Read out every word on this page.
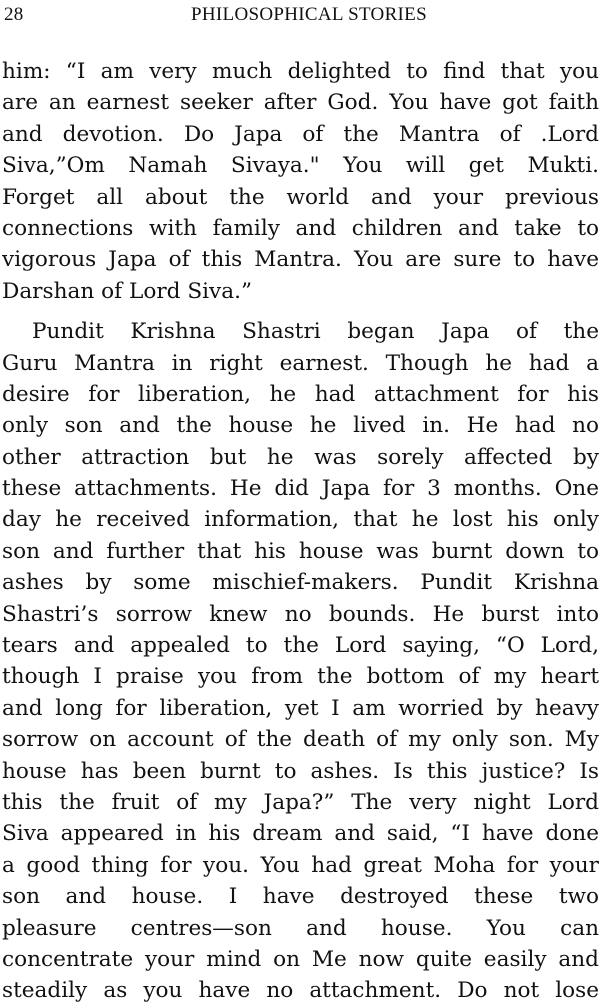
28	PHILOSOPHICAL STORIES
him: “I am very much delighted to find that you
are an earnest seeker after God. You have got faith
and devotion. Do Japa of the Mantra of .Lord
Siva,”Om Namah Sivaya." You will get Mukti.
Forget all about the world and your previous
connections with family and children and take to
vigorous Japa of this Mantra. You are sure to have
Darshan of Lord Siva.”
Pundit Krishna Shastri began Japa of the
Guru Mantra in right earnest. Though he had a
desire for liberation, he had attachment for his
only son and the house he lived in. He had no
other attraction but he was sorely affected by
these attachments. He did Japa for 3 months. One
day he received information, that he lost his only
son and further that his house was burnt down to
ashes by some mischief-makers. Pundit Krishna
Shastri’s sorrow knew no bounds. He burst into
tears and appealed to the Lord saying, “O Lord,
though I praise you from the bottom of my heart
and long for liberation, yet I am worried by heavy
sorrow on account of the death of my only son. My
house has been burnt to ashes. Is this justice? Is
this the fruit of my Japa?” The very night Lord
Siva appeared in his dream and said, “I have done
a good thing for you. You had great Moha for your
son and house. I have destroyed these two
pleasure centres—son and house. You can
concentrate your mind on Me now quite easily and
steadily as you have no attachment. Do not lose
